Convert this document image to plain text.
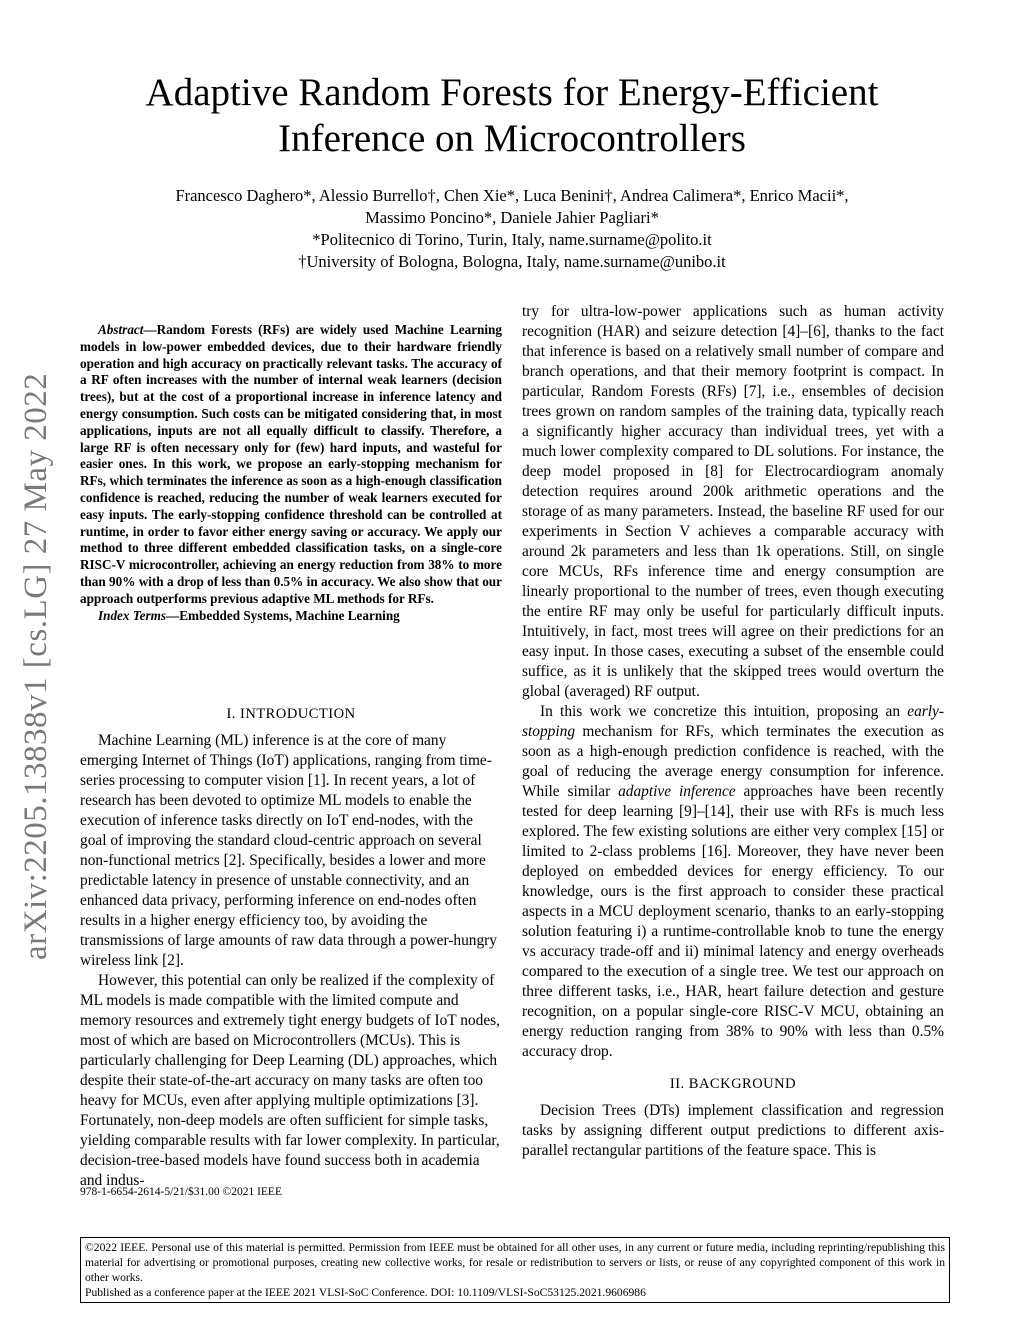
arXiv:2205.13838v1 [cs.LG] 27 May 2022
Adaptive Random Forests for Energy-Efficient Inference on Microcontrollers
Francesco Daghero*, Alessio Burrello†, Chen Xie*, Luca Benini†, Andrea Calimera*, Enrico Macii*,
Massimo Poncino*, Daniele Jahier Pagliari*
*Politecnico di Torino, Turin, Italy, name.surname@polito.it
†University of Bologna, Bologna, Italy, name.surname@unibo.it

Abstract—Random Forests (RFs) are widely used Machine Learning models in low-power embedded devices, due to their hardware friendly operation and high accuracy on practically relevant tasks. The accuracy of a RF often increases with the number of internal weak learners (decision trees), but at the cost of a proportional increase in inference latency and energy consumption. Such costs can be mitigated considering that, in most applications, inputs are not all equally difficult to classify. Therefore, a large RF is often necessary only for (few) hard inputs, and wasteful for easier ones. In this work, we propose an early-stopping mechanism for RFs, which terminates the inference as soon as a high-enough classification confidence is reached, reducing the number of weak learners executed for easy inputs. The early-stopping confidence threshold can be controlled at runtime, in order to favor either energy saving or accuracy. We apply our method to three different embedded classification tasks, on a single-core RISC-V microcontroller, achieving an energy reduction from 38% to more than 90% with a drop of less than 0.5% in accuracy. We also show that our approach outperforms previous adaptive ML methods for RFs.

Index Terms—Embedded Systems, Machine Learning

I. INTRODUCTION

Machine Learning (ML) inference is at the core of many emerging Internet of Things (IoT) applications, ranging from time-series processing to computer vision [1]. In recent years, a lot of research has been devoted to optimize ML models to enable the execution of inference tasks directly on IoT end-nodes, with the goal of improving the standard cloud-centric approach on several non-functional metrics [2]. Specifically, besides a lower and more predictable latency in presence of unstable connectivity, and an enhanced data privacy, performing inference on end-nodes often results in a higher energy efficiency too, by avoiding the transmissions of large amounts of raw data through a power-hungry wireless link [2].

However, this potential can only be realized if the complexity of ML models is made compatible with the limited compute and memory resources and extremely tight energy budgets of IoT nodes, most of which are based on Microcontrollers (MCUs). This is particularly challenging for Deep Learning (DL) approaches, which despite their state-of-the-art accuracy on many tasks are often too heavy for MCUs, even after applying multiple optimizations [3]. Fortunately, non-deep models are often sufficient for simple tasks, yielding comparable results with far lower complexity. In particular, decision-tree-based models have found success both in academia and indus-

try for ultra-low-power applications such as human activity recognition (HAR) and seizure detection [4]–[6], thanks to the fact that inference is based on a relatively small number of compare and branch operations, and that their memory footprint is compact. In particular, Random Forests (RFs) [7], i.e., ensembles of decision trees grown on random samples of the training data, typically reach a significantly higher accuracy than individual trees, yet with a much lower complexity compared to DL solutions. For instance, the deep model proposed in [8] for Electrocardiogram anomaly detection requires around 200k arithmetic operations and the storage of as many parameters. Instead, the baseline RF used for our experiments in Section V achieves a comparable accuracy with around 2k parameters and less than 1k operations. Still, on single core MCUs, RFs inference time and energy consumption are linearly proportional to the number of trees, even though executing the entire RF may only be useful for particularly difficult inputs. Intuitively, in fact, most trees will agree on their predictions for an easy input. In those cases, executing a subset of the ensemble could suffice, as it is unlikely that the skipped trees would overturn the global (averaged) RF output.

In this work we concretize this intuition, proposing an early-stopping mechanism for RFs, which terminates the execution as soon as a high-enough prediction confidence is reached, with the goal of reducing the average energy consumption for inference. While similar adaptive inference approaches have been recently tested for deep learning [9]–[14], their use with RFs is much less explored. The few existing solutions are either very complex [15] or limited to 2-class problems [16]. Moreover, they have never been deployed on embedded devices for energy efficiency. To our knowledge, ours is the first approach to consider these practical aspects in a MCU deployment scenario, thanks to an early-stopping solution featuring i) a runtime-controllable knob to tune the energy vs accuracy trade-off and ii) minimal latency and energy overheads compared to the execution of a single tree. We test our approach on three different tasks, i.e., HAR, heart failure detection and gesture recognition, on a popular single-core RISC-V MCU, obtaining an energy reduction ranging from 38% to 90% with less than 0.5% accuracy drop.

II. BACKGROUND

Decision Trees (DTs) implement classification and regression tasks by assigning different output predictions to different axis-parallel rectangular partitions of the feature space. This is

978-1-6654-2614-5/21/$31.00 ©2021 IEEE

©2022 IEEE. Personal use of this material is permitted. Permission from IEEE must be obtained for all other uses, in any current or future media, including reprinting/republishing this material for advertising or promotional purposes, creating new collective works, for resale or redistribution to servers or lists, or reuse of any copyrighted component of this work in other works.

Published as a conference paper at the IEEE 2021 VLSI-SoC Conference. DOI: 10.1109/VLSI-SoC53125.2021.9606986
